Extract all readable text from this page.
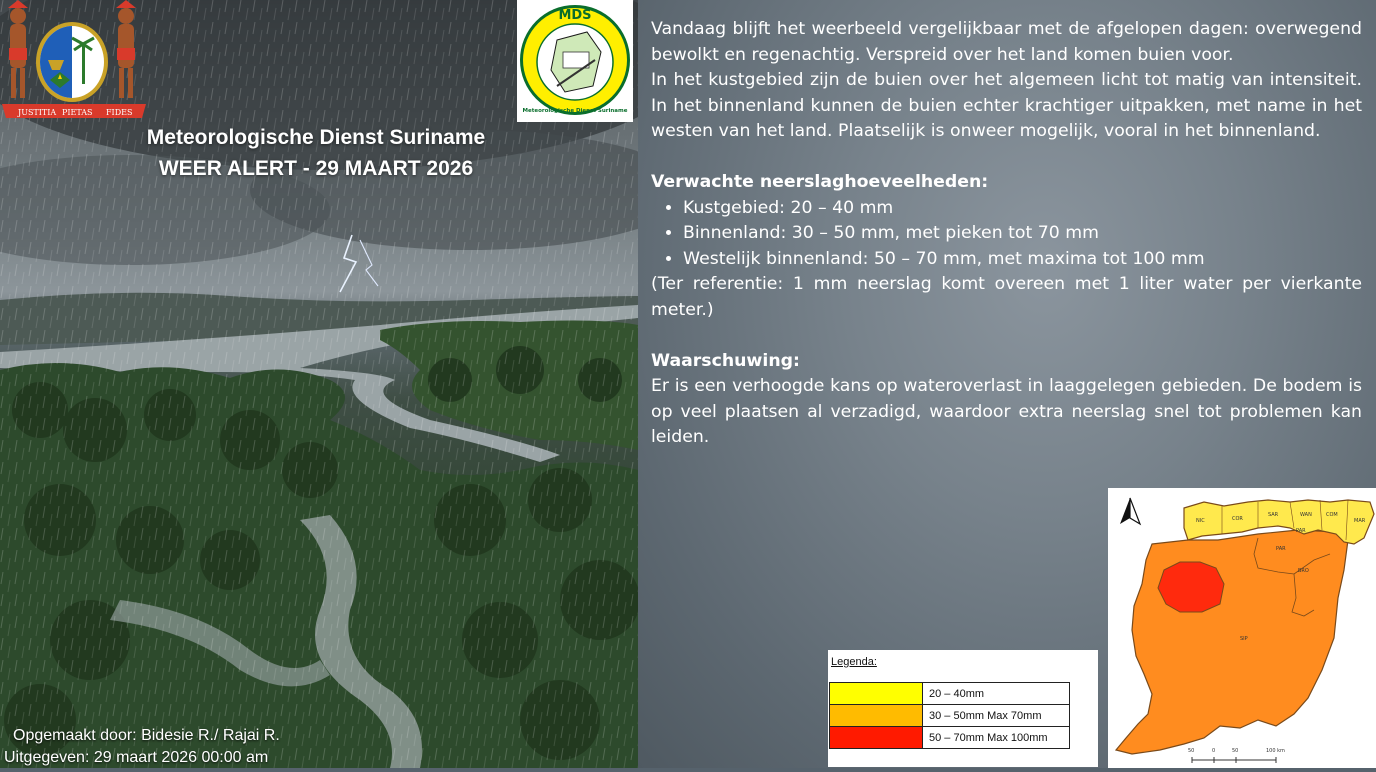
JUSTITIA PIETAS FIDES
MDS
Meteorologische Dienst Suriname
Meteorologische Dienst Suriname
WEER ALERT - 29 MAART 2026
Opgemaakt door: Bidesie R./ Rajai R.
Uitgegeven: 29 maart 2026 00:00 am

Vandaag blijft het weerbeeld vergelijkbaar met de afgelopen dagen: overwegend bewolkt en regenachtig. Verspreid over het land komen buien voor.

In het kustgebied zijn de buien over het algemeen licht tot matig van intensiteit. In het binnenland kunnen de buien echter krachtiger uitpakken, met name in het westen van het land. Plaatselijk is onweer mogelijk, vooral in het binnenland.

Verwachte neerslaghoeveelheden:
• Kustgebied: 20 – 40 mm
• Binnenland: 30 – 50 mm, met pieken tot 70 mm
• Westelijk binnenland: 50 – 70 mm, met maxima tot 100 mm

(Ter referentie: 1 mm neerslag komt overeen met 1 liter water per vierkante meter.)

Waarschuwing:

Er is een verhoogde kans op wateroverlast in laaggelegen gebieden. De bodem is op veel plaatsen al verzadigd, waardoor extra neerslag snel tot problemen kan leiden.

Legenda:
	20 – 40mm
	30 – 50mm Max 70mm
	50 – 70mm Max 100mm
NIC	COR
SAR	WAN
PAR
COM
MAR
PAR
BRO
SIP
50	0	50	100 km
